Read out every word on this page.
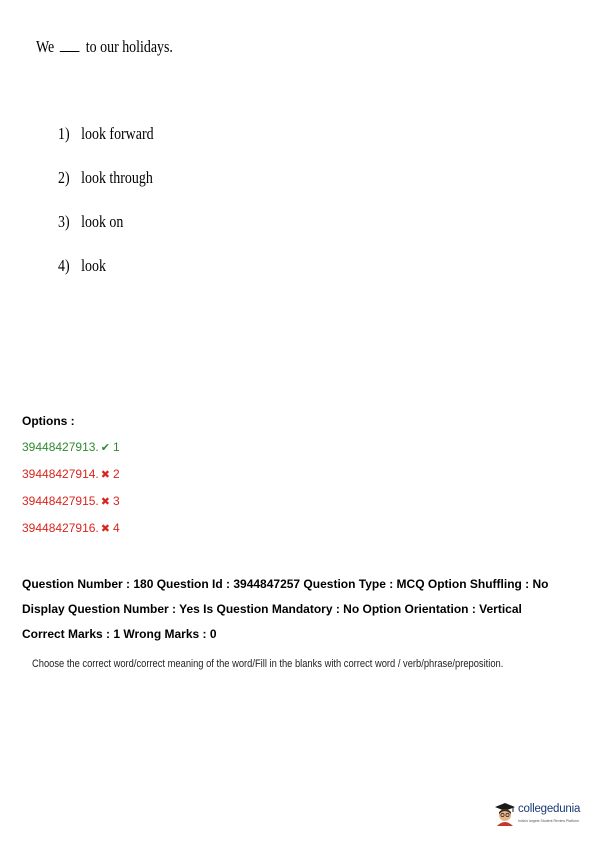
We to our holidays.
1) look forward
2) look through
3) look on
4) look
Options :
39448427913. ✔ 1
39448427914. ✖ 2
39448427915. ✖ 3
39448427916. ✖ 4
Question Number : 180 Question Id : 3944847257 Question Type : MCQ Option Shuffling : No
Display Question Number : Yes Is Question Mandatory : No Option Orientation : Vertical
Correct Marks : 1 Wrong Marks : 0
Choose the correct word/correct meaning of the word/Fill in the blanks with correct word / verb/phrase/preposition.
collegedunia
India's largest Student Review Platform
